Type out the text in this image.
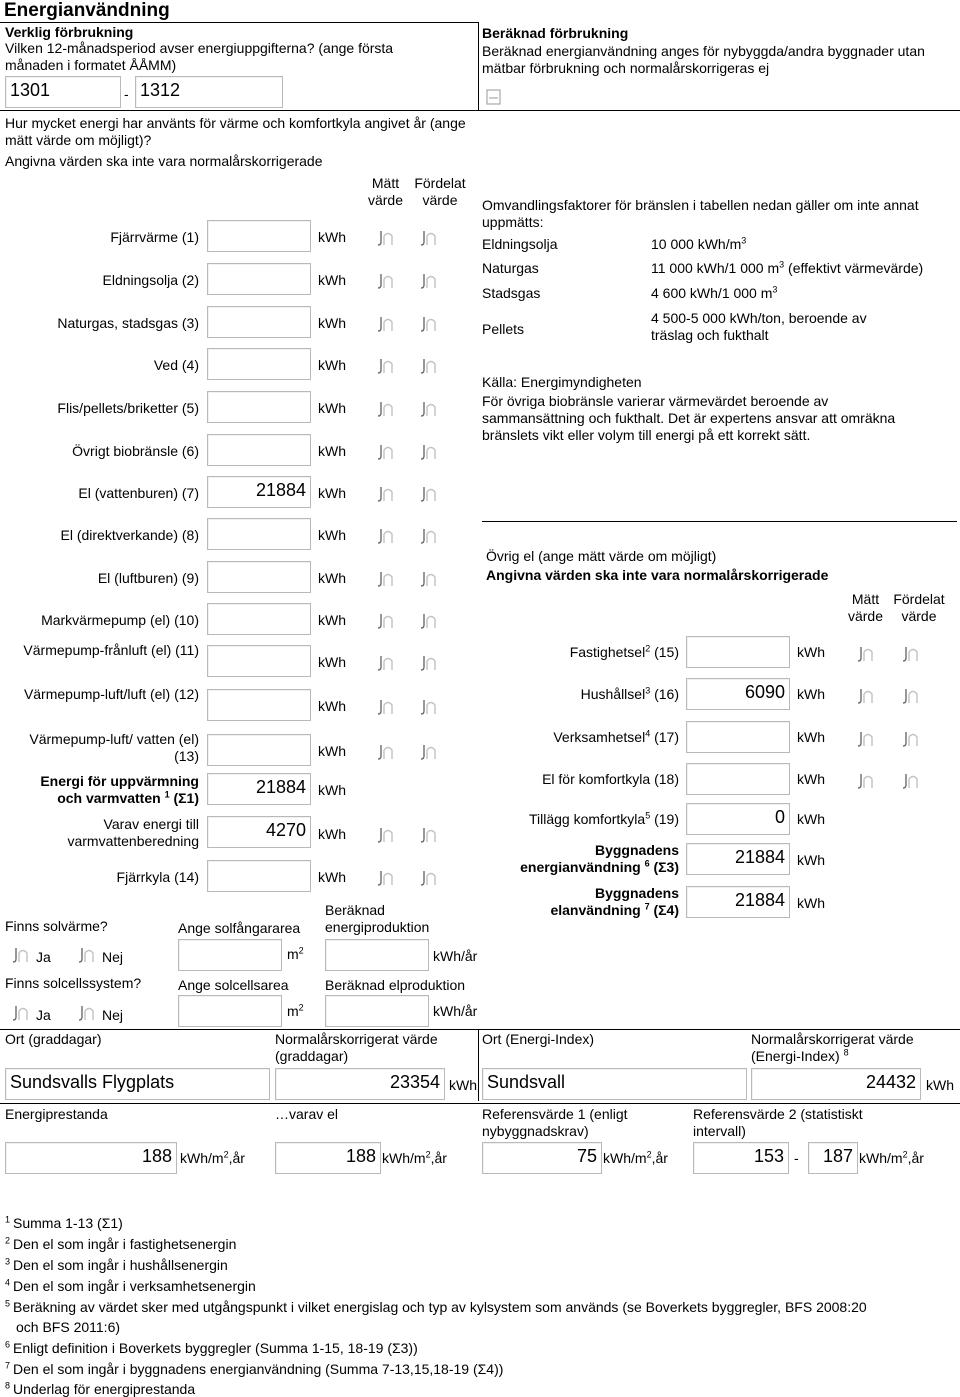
Energianvändning
Verklig förbrukning
Vilken 12-månadsperiod avser energiuppgifterna? (ange första månaden i formatet ÅÅMM)
1301	- 1312
Hur mycket energi har använts för värme och komfortkyla angivet år (ange mätt värde om möjligt)?
Angivna värden ska inte vara normalårskorrigerade
Mätt värde
Fördelat värde
Fjärrvärme (1)	kWh
Eldningsolja (2)	kWh
Naturgas, stadsgas (3)	kWh
Ved (4)	kWh
Flis/pellets/briketter (5)	kWh
Övrigt biobränsle (6)	kWh
El (vattenburen) (7)	21884 kWh
El (direktverkande) (8)	kWh
El (luftburen) (9)	kWh
Markvärmepump (el) (10)	kWh
Värmepump-frånluft (el) (11)
kWh
Värmepump-luft/luft (el) (12)
kWh
Värmepump-luft/ vatten (el) (13)	kWh
Energi för uppvärmning
och varmvatten $^1$ (Σ1)
21884 kWh
Varav energi till varmvattenberedning
4270 kWh
Fjärrkyla (14)	kWh
Finns solvärme?	Ange solfångararea
Beräknad energiproduktion
Ja	Nej	$m^2$	kWh/år
Finns solcellssystem?	Ange solcellsarea	Beräknad elproduktion
Ja	Nej	$m^2$	kWh/år
Beräknad förbrukning
Beräknad energianvändning anges för nybyggda/andra byggnader utan mätbar förbrukning och normalårskorrigeras ej
Omvandlingsfaktorer för bränslen i tabellen nedan gäller om inte annat uppmätts:
Eldningsolja	10 000 kWh/$m^3$
Naturgas	11 000 kWh/1 000 $m^3$ (effektivt värmevärde)
Stadsgas	4 600 kWh/1 000 $m^3$
Pellets
4 500-5 000 kWh/ton, beroende av träslag och fukthalt
Källa: Energimyndigheten
För övriga biobränsle varierar värmevärdet beroende av sammansättning och fukthalt. Det är expertens ansvar att omräkna bränslets vikt eller volym till energi på ett korrekt sätt.
Övrig el (ange mätt värde om möjligt)
Angivna värden ska inte vara normalårskorrigerade
Mätt värde
Fördelat värde
Fastighetsel$^2$ (15)	kWh
Hushållsel$^3$ (16)	6090 kWh
Verksamhetsel$^4$ (17)	kWh
El för komfortkyla (18)	kWh
Tillägg komfortkyla$^5$ (19)	0 kWh
Byggnadens
energianvändning $^6$ (Σ3)	21884 kWh
Byggnadens
elanvändning $^7$ (Σ4)	21884 kWh
Ort (graddagar)	Normalårskorrigerat värde (graddagar)
Sundsvalls Flygplats	23354 kWh
Ort (Energi-Index)	Normalårskorrigerat värde (Energi-Index) $^8$
Sundsvall	24432 kWh
Energiprestanda
188 kWh/$m^2,år$
…varav el
188 kWh/$m^2,år$
Referensvärde 1 (enligt nybyggnadskrav)
75 kWh/$m^2,år$
Referensvärde 2 (statistiskt intervall)
153 -	187 kWh/$m^2,år$
$^1$ Summa 1-13 (Σ1)
$^2$ Den el som ingår i fastighetsenergin
$^3$ Den el som ingår i hushållsenergin
$^4$ Den el som ingår i verksamhetsenergin
$^5$ Beräkning av värdet sker med utgångspunkt i vilket energislag och typ av kylsystem som används (se Boverkets byggregler, BFS 2008:20
och BFS 2011:6)
$^6$ Enligt definition i Boverkets byggregler (Summa 1-15, 18-19 (Σ3))
$^7$ Den el som ingår i byggnadens energianvändning (Summa 7-13,15,18-19 (Σ4))
$^8$ Underlag för energiprestanda
